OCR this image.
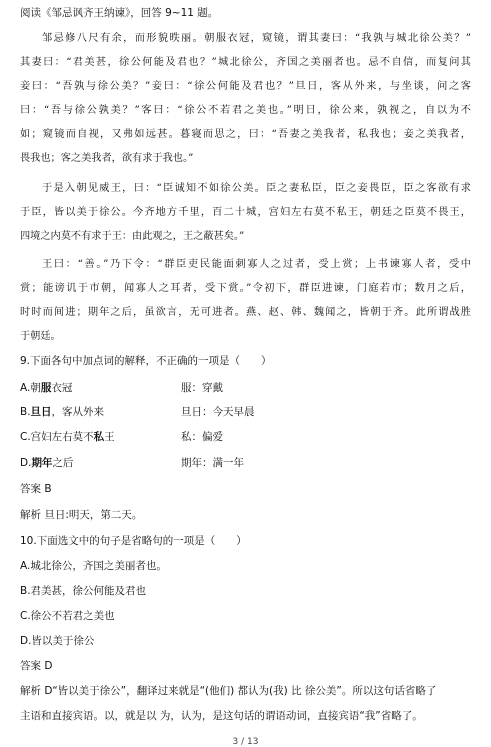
阅读《邹忌讽齐王纳谏》，回答 9~11 题。
邹忌修八尺有余，而形貌昳丽。朝服衣冠，窥镜，谓其妻曰：“我孰与城北徐公美？”
其妻曰：“君美甚，徐公何能及君也？”城北徐公，齐国之美丽者也。忌不自信，而复问其
妾曰：“吾孰与徐公美？”妾曰：“徐公何能及君也？”旦日，客从外来，与坐谈，问之客
曰：“吾与徐公孰美？”客曰：“徐公不若君之美也。”明日，徐公来，孰视之，自以为不
如；窥镜而自视，又弗如远甚。暮寝而思之，曰：“吾妻之美我者，私我也；妾之美我者，
畏我也；客之美我者，欲有求于我也。”
于是入朝见威王，曰：“臣诚知不如徐公美。臣之妻私臣，臣之妾畏臣，臣之客欲有求
于臣，皆以美于徐公。今齐地方千里，百二十城，宫妇左右莫不私王，朝廷之臣莫不畏王，
四境之内莫不有求于王：由此观之，王之蔽甚矣。”
王曰：“善。”乃下令：“群臣吏民能面刺寡人之过者，受上赏；上书谏寡人者，受中
赏；能谤讥于市朝，闻寡人之耳者，受下赏。”令初下，群臣进谏，门庭若市；数月之后，
时时而间进；期年之后，虽欲言，无可进者。燕、赵、韩、魏闻之，皆朝于齐。此所谓战胜
于朝廷。
9.下面各句中加点词的解释，不正确的一项是（　　）
A.朝服衣冠	服：穿戴
B.旦日，客从外来	旦日：今天早晨
C.宫妇左右莫不私王	私：偏爱
D.期年之后	期年：满一年
答案 B
解析 旦日:明天，第二天。
10.下面选文中的句子是省略句的一项是（　　）
A.城北徐公，齐国之美丽者也。
B.君美甚，徐公何能及君也
C.徐公不若君之美也
D.皆以美于徐公
答案 D
解析 D“皆以美于徐公”，翻译过来就是“(他们) 都认为(我) 比 徐公美”。所以这句话省略了
主语和直接宾语。以，就是以 为，认为，是这句话的谓语动词，直接宾语“我”省略了。
3 / 13
